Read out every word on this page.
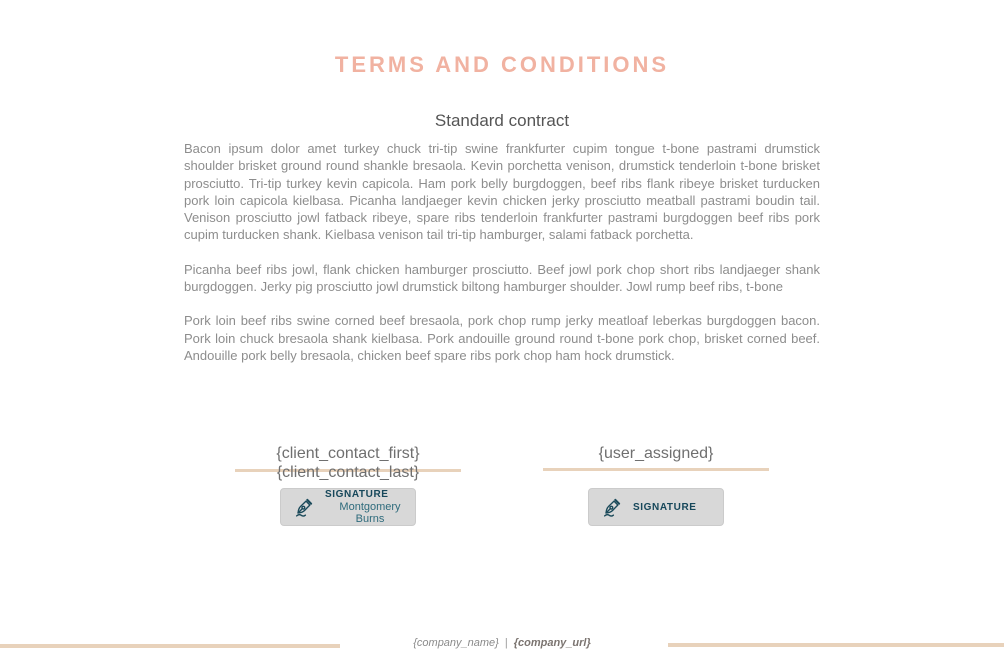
TERMS AND CONDITIONS
Standard contract

Bacon ipsum dolor amet turkey chuck tri-tip swine frankfurter cupim tongue t-bone pastrami drumstick shoulder brisket ground round shankle bresaola. Kevin porchetta venison, drumstick tenderloin t-bone brisket prosciutto. Tri-tip turkey kevin capicola. Ham pork belly burgdoggen, beef ribs flank ribeye brisket turducken pork loin capicola kielbasa. Picanha landjaeger kevin chicken jerky prosciutto meatball pastrami boudin tail. Venison prosciutto jowl fatback ribeye, spare ribs tenderloin frankfurter pastrami burgdoggen beef ribs pork cupim turducken shank. Kielbasa venison tail tri-tip hamburger, salami fatback porchetta.

Picanha beef ribs jowl, flank chicken hamburger prosciutto. Beef jowl pork chop short ribs landjaeger shank burgdoggen. Jerky pig prosciutto jowl drumstick biltong hamburger shoulder. Jowl rump beef ribs, t-bone

Pork loin beef ribs swine corned beef bresaola, pork chop rump jerky meatloaf leberkas burgdoggen bacon. Pork loin chuck bresaola shank kielbasa. Pork andouille ground round t-bone pork chop, brisket corned beef. Andouille pork belly bresaola, chicken beef spare ribs pork chop ham hock drumstick.

{client_contact_first}
{client_contact_last}
SIGNATURE
Montgomery Burns
{user_assigned}
SIGNATURE
{company_name} | {company_url}
